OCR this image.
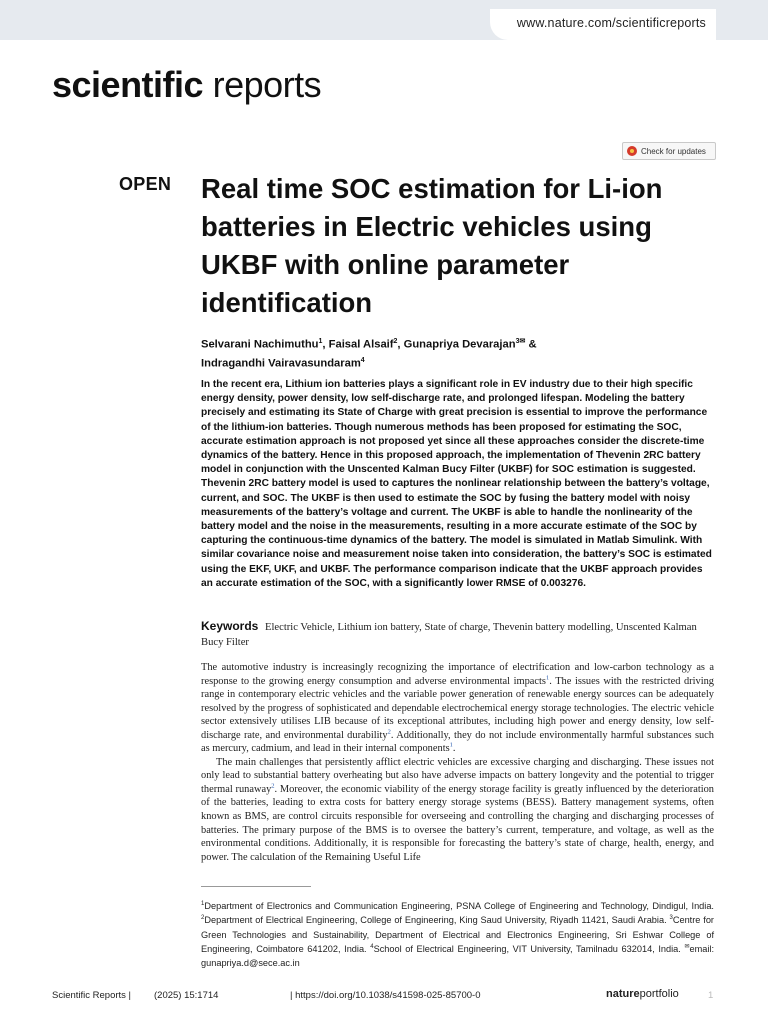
www.nature.com/scientificreports
scientific reports
Check for updates
OPEN Real time SOC estimation for Li-ion batteries in Electric vehicles using UKBF with online parameter identification
Selvarani Nachimuthu$^1$, Faisal Alsaif$^2$, Gunapriya Devarajan$^{3✉}$ &
Indragandhi Vairavasundaram$^4$

In the recent era, Lithium ion batteries plays a significant role in EV industry due to their high specific energy density, power density, low self-discharge rate, and prolonged lifespan. Modeling the battery precisely and estimating its State of Charge with great precision is essential to improve the performance of the lithium-ion batteries. Though numerous methods has been proposed for estimating the SOC, accurate estimation approach is not proposed yet since all these approaches consider the discrete-time dynamics of the battery. Hence in this proposed approach, the implementation of Thevenin 2RC battery model in conjunction with the Unscented Kalman Bucy Filter (UKBF) for SOC estimation is suggested. Thevenin 2RC battery model is used to captures the nonlinear relationship between the battery’s voltage, current, and SOC. The UKBF is then used to estimate the SOC by fusing the battery model with noisy measurements of the battery’s voltage and current. The UKBF is able to handle the nonlinearity of the battery model and the noise in the measurements, resulting in a more accurate estimate of the SOC by capturing the continuous-time dynamics of the battery. The model is simulated in Matlab Simulink. With similar covariance noise and measurement noise taken into consideration, the battery’s SOC is estimated using the EKF, UKF, and UKBF. The performance comparison indicate that the UKBF approach provides an accurate estimation of the SOC, with a significantly lower RMSE of 0.003276.

Keywords Electric Vehicle, Lithium ion battery, State of charge, Thevenin battery modelling, Unscented Kalman Bucy Filter

The automotive industry is increasingly recognizing the importance of electrification and low-carbon technology as a response to the growing energy consumption and adverse environmental impacts$^1$. The issues with the restricted driving range in contemporary electric vehicles and the variable power generation of renewable energy sources can be adequately resolved by the progress of sophisticated and dependable electrochemical energy storage technologies. The electric vehicle sector extensively utilises LIB because of its exceptional attributes, including high power and energy density, low self-discharge rate, and environmental durability$^2$. Additionally, they do not include environmentally harmful substances such as mercury, cadmium, and lead in their internal components$^1$.

The main challenges that persistently afflict electric vehicles are excessive charging and discharging. These issues not only lead to substantial battery overheating but also have adverse impacts on battery longevity and the potential to trigger thermal runaway$^2$. Moreover, the economic viability of the energy storage facility is greatly influenced by the deterioration of the batteries, leading to extra costs for battery energy storage systems (BESS). Battery management systems, often known as BMS, are control circuits responsible for overseeing and controlling the charging and discharging processes of batteries. The primary purpose of the BMS is to oversee the battery’s current, temperature, and voltage, as well as the environmental conditions. Additionally, it is responsible for forecasting the battery’s state of charge, health, energy, and power. The calculation of the Remaining Useful Life

$^1$Department of Electronics and Communication Engineering, PSNA College of Engineering and Technology, Dindigul, India. $^2$Department of Electrical Engineering, College of Engineering, King Saud University, Riyadh 11421, Saudi Arabia. $^3$Centre for Green Technologies and Sustainability, Department of Electrical and Electronics Engineering, Sri Eshwar College of Engineering, Coimbatore 641202, India. $^4$School of Electrical Engineering, VIT University, Tamilnadu 632014, India. ✉email: gunapriya.d@sece.ac.in
Scientific Reports | (2025) 15:1714	| https://doi.org/10.1038/s41598-025-85700-0	natureportfolio	1
